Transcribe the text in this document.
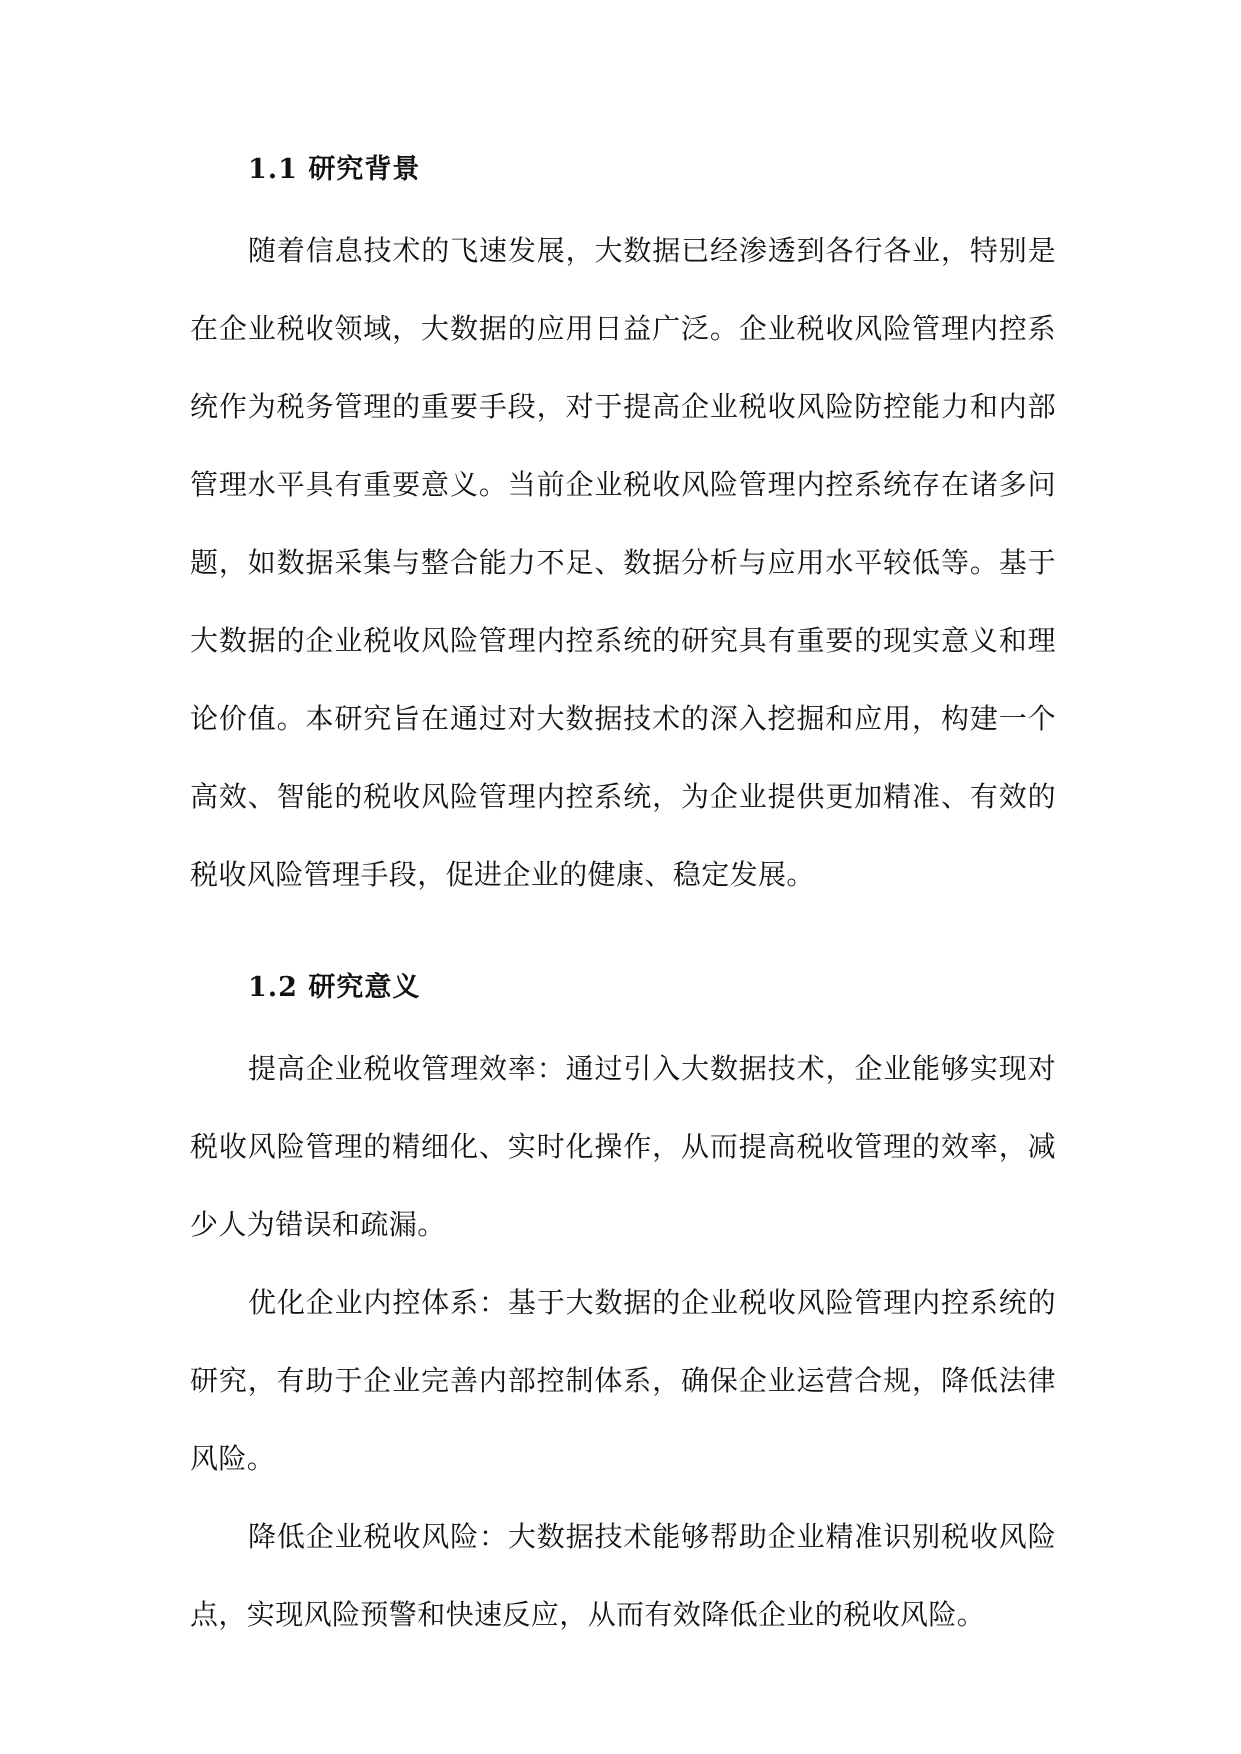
1.1 研究背景

随着信息技术的飞速发展，大数据已经渗透到各行各业，特别是在企业税收领域，大数据的应用日益广泛。企业税收风险管理内控系统作为税务管理的重要手段，对于提高企业税收风险防控能力和内部管理水平具有重要意义。当前企业税收风险管理内控系统存在诸多问题，如数据采集与整合能力不足、数据分析与应用水平较低等。基于大数据的企业税收风险管理内控系统的研究具有重要的现实意义和理论价值。本研究旨在通过对大数据技术的深入挖掘和应用，构建一个高效、智能的税收风险管理内控系统，为企业提供更加精准、有效的税收风险管理手段，促进企业的健康、稳定发展。

1.2 研究意义

提高企业税收管理效率：通过引入大数据技术，企业能够实现对税收风险管理的精细化、实时化操作，从而提高税收管理的效率，减少人为错误和疏漏。

优化企业内控体系：基于大数据的企业税收风险管理内控系统的研究，有助于企业完善内部控制体系，确保企业运营合规，降低法律风险。

降低企业税收风险：大数据技术能够帮助企业精准识别税收风险点，实现风险预警和快速反应，从而有效降低企业的税收风险。
